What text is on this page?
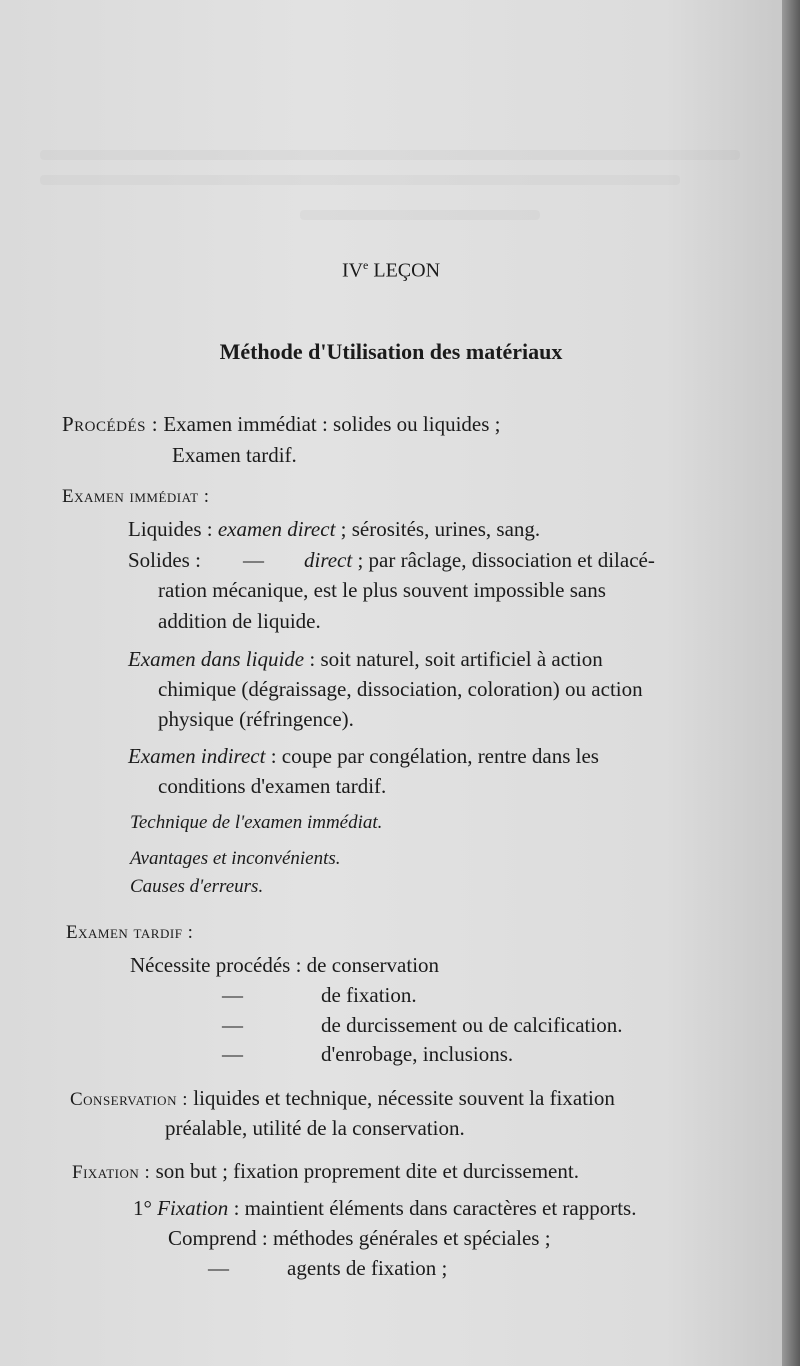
IVe LEÇON
Méthode d'Utilisation des matériaux
Procédés : Examen immédiat : solides ou liquides ;
Examen tardif.
Examen immédiat :
Liquides : examen direct ; sérosités, urines, sang.
Solides : — direct ; par râclage, dissociation et dilacé-
ration mécanique, est le plus souvent impossible sans
addition de liquide.
Examen dans liquide : soit naturel, soit artificiel à action
chimique (dégraissage, dissociation, coloration) ou action
physique (réfringence).
Examen indirect : coupe par congélation, rentre dans les
conditions d'examen tardif.
Technique de l'examen immédiat.
Avantages et inconvénients.
Causes d'erreurs.
Examen tardif :
Nécessite procédés : de conservation
—	de fixation.
—	de durcissement ou de calcification.
—	d'enrobage, inclusions.
Conservation : liquides et technique, nécessite souvent la fixation
préalable, utilité de la conservation.
Fixation : son but ; fixation proprement dite et durcissement.
1° Fixation : maintient éléments dans caractères et rapports.
Comprend : méthodes générales et spéciales ;
—	agents de fixation ;
